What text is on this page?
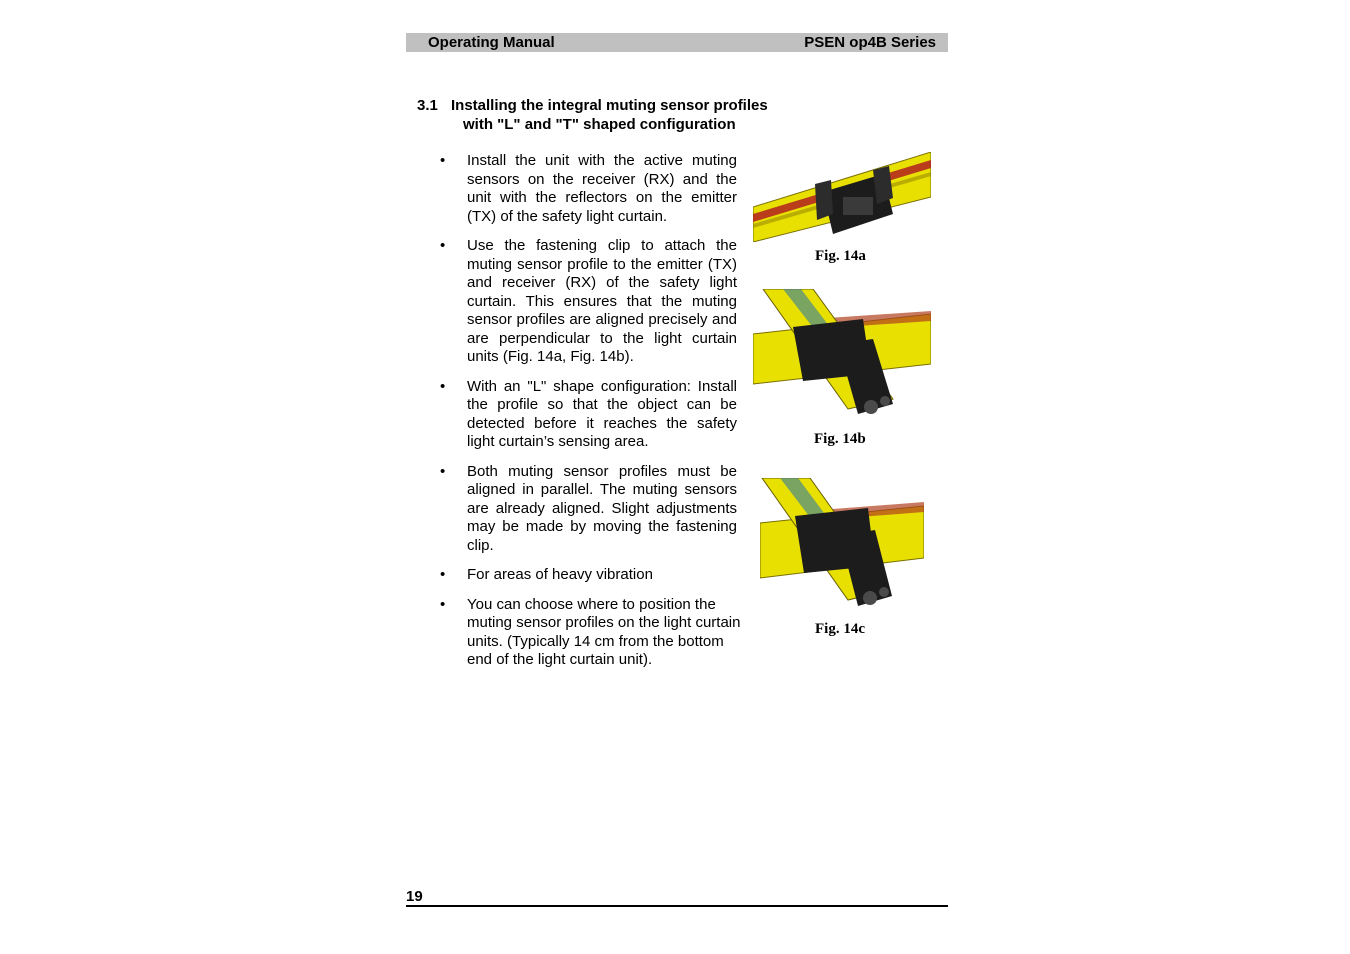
Operating Manual	PSEN op4B Series
3.1 Installing the integral muting sensor profiles
with "L" and "T" shaped configuration
• Install the unit with the active muting sensors on the receiver (RX) and the unit with the reflectors on the emitter (TX) of the safety light curtain.
• Use the fastening clip to attach the muting sensor profile to the emitter (TX) and receiver (RX) of the safety light curtain. This ensures that the muting sensor profiles are aligned precisely and are perpendicular to the light curtain units (Fig. 14a, Fig. 14b).
• With an "L" shape configuration: Install the profile so that the object can be detected before it reaches the safety light curtain’s sensing area.
• Both muting sensor profiles must be aligned in parallel. The muting sensors are already aligned. Slight adjustments may be made by moving the fastening clip.
• For areas of heavy vibration
• You can choose where to position the muting sensor profiles on the light curtain units. (Typically 14 cm from the bottom end of the light curtain unit).
Fig. 14a
Fig. 14b
Fig. 14c
19
